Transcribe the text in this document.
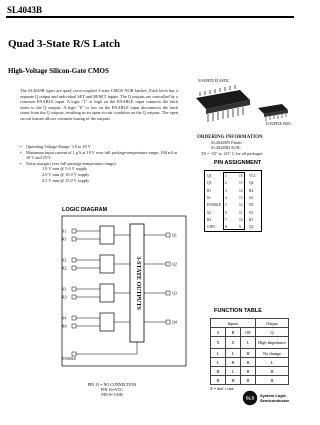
SL4043B
Quad 3-State R/S Latch
High-Voltage Silicon-Gate CMOS
The SL4043B types are quad cross-coupled 3-state CMOS NOR latches. Each latch has a separate Q output and individual SET and RESET inputs. The Q outputs are controlled by a common ENABLE input. A logic "1" or high on the ENABLE input connects the latch states to the Q outputs. A logic "0" or low on the ENABLE input disconnects the latch states from the Q outputs, resulting in an open circuit condition on the Q outputs. The open circuit feature allows common busing of the outputs.
• Operating Voltage Range: 3.0 to 18 V
• Maximum input current of 1 μA at 18 V over full package-temperature range; 100 nA at 18 V and 25°C
• Noise margin (over full package-temperature range):
1.0 V min @ 5.0 V supply
2.0 V min @ 10.0 V supply
2.5 V min @ 15.0 V supply
N SUFFIX PLASTIC
D SUFFIX SOIC
ORDERING INFORMATION
SL4043BN Plastic
SL4043BD SOIC
TA = -55° to 125° C for all packages
PIN ASSIGNMENT
Q4	1	16 VCC
Q1	2	15 Q4
R1	3	14 R4
S1	4	13 S4
ENABLE 5	12 NC
S2	6	11 S3
R2	7	10 R3
GND	8	9 Q2
LOGIC DIAGRAM
3-STATE OUTPUTS
S1
R1
Q1
S2
R2
Q2
S3
R3
Q3
S4
R4
Q4
ENABLE
PIN 13 = NO CONNECTION
PIN 16=VCC
PIN 8= GND
FUNCTION TABLE
Inputs			Output
S	R	OE	Q
X	X	L	High Impedance
L	L	H	No change
L	H	H	L
H	L	H	H
H	H	H	H
X = don' t care
SLS
System Logic
Semiconductor
